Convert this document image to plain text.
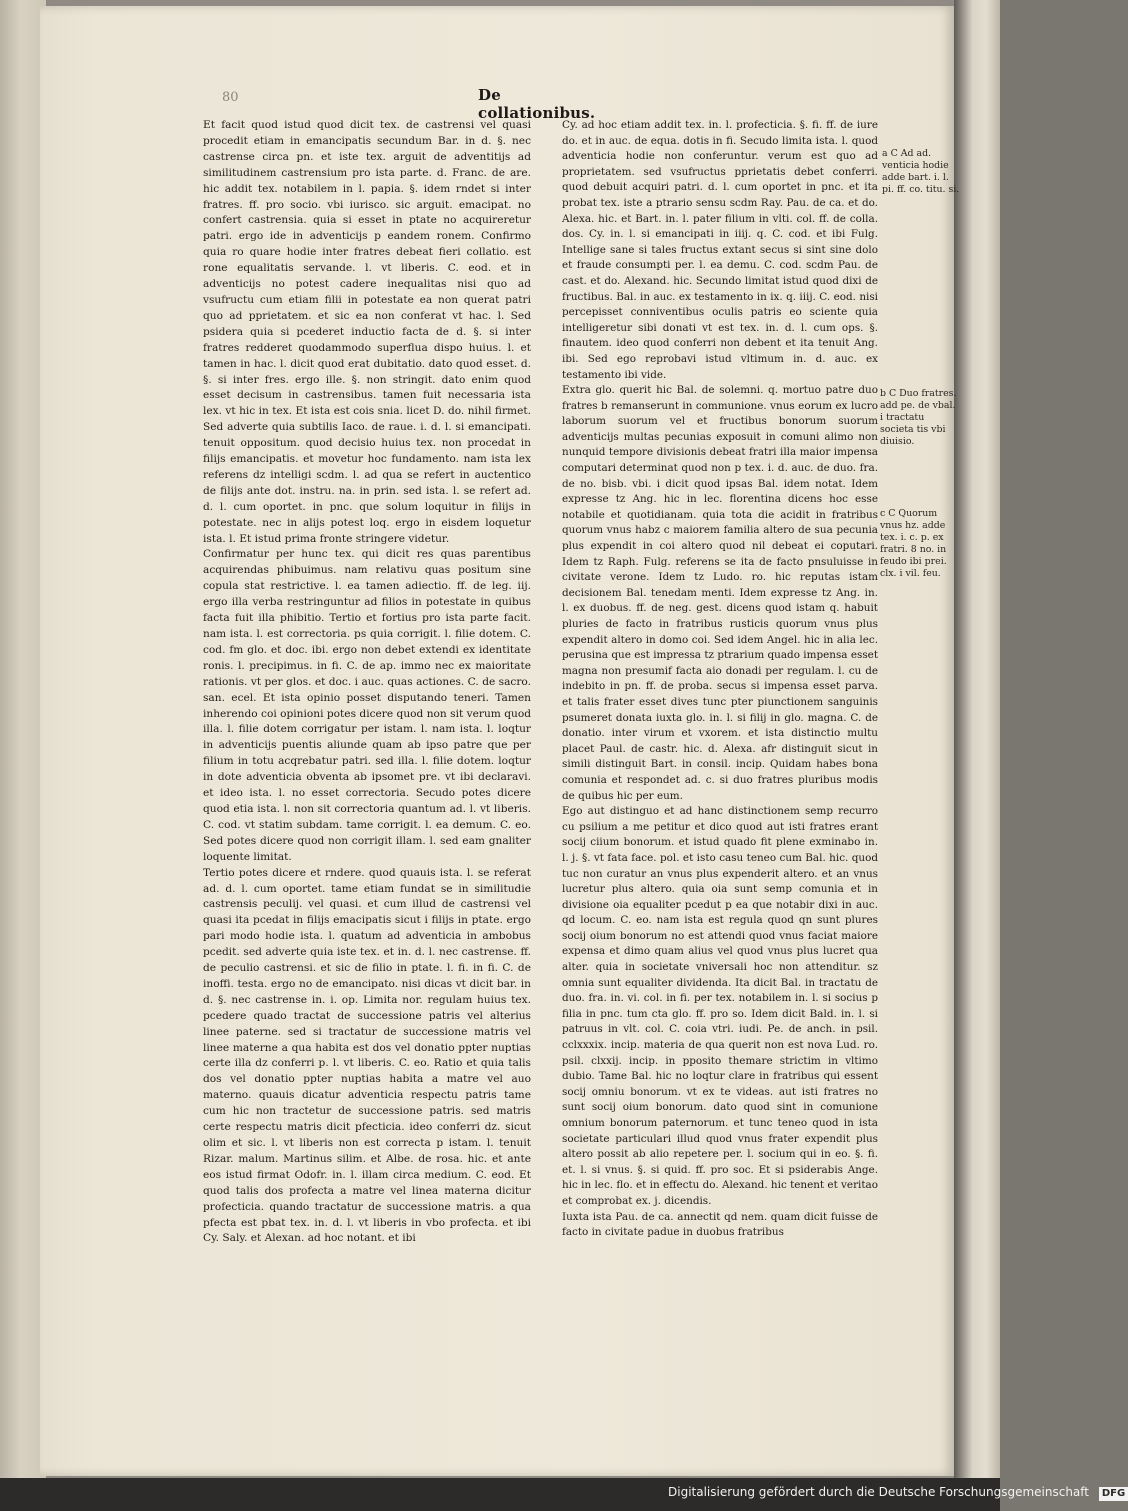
80	De collationibus.

Et facit quod istud quod dicit tex. de castrensi vel quasi procedit etiam in emancipatis secundum Bar. in d. §. nec castrense circa pn. et iste tex. arguit de adventitijs ad similitudinem castrensium pro ista parte. d. Franc. de are. hic addit tex. notabilem in l. papia. §. idem rndet si inter fratres. ff. pro socio. vbi iurisco. sic arguit. emacipat. no confert castrensia. quia si esset in ptate no acquireretur patri. ergo ide in adventicijs p eandem ronem. Confirmo quia ro quare hodie inter fratres debeat fieri collatio. est rone equalitatis servande. l. vt liberis. C. eod. et in adventicijs no potest cadere inequalitas nisi quo ad vsufructu cum etiam filii in potestate ea non querat patri quo ad pprietatem. et sic ea non conferat vt hac. l. Sed psidera quia si pcederet inductio facta de d. §. si inter fratres redderet quodammodo superflua dispo huius. l. et tamen in hac. l. dicit quod erat dubitatio. dato quod esset. d. §. si inter fres. ergo ille. §. non stringit. dato enim quod esset decisum in castrensibus. tamen fuit necessaria ista lex. vt hic in tex. Et ista est cois snia. licet D. do. nihil firmet. Sed adverte quia subtilis Iaco. de raue. i. d. l. si emancipati. tenuit oppositum. quod decisio huius tex. non procedat in filijs emancipatis. et movetur hoc fundamento. nam ista lex referens dz intelligi scdm. l. ad qua se refert in auctentico de filijs ante dot. instru. na. in prin. sed ista. l. se refert ad. d. l. cum oportet. in pnc. que solum loquitur in filijs in potestate. nec in alijs potest loq. ergo in eisdem loquetur ista. l. Et istud prima fronte stringere videtur.

Confirmatur per hunc tex. qui dicit res quas parentibus acquirendas phibuimus. nam relativu quas positum sine copula stat restrictive. l. ea tamen adiectio. ff. de leg. iij. ergo illa verba restringuntur ad filios in potestate in quibus facta fuit illa phibitio. Tertio et fortius pro ista parte facit. nam ista. l. est correctoria. ps quia corrigit. l. filie dotem. C. cod. fm glo. et doc. ibi. ergo non debet extendi ex identitate ronis. l. precipimus. in fi. C. de ap. immo nec ex maioritate rationis. vt per glos. et doc. i auc. quas actiones. C. de sacro. san. ecel. Et ista opinio posset disputando teneri. Tamen inherendo coi opinioni potes dicere quod non sit verum quod illa. l. filie dotem corrigatur per istam. l. nam ista. l. loqtur in adventicijs puentis aliunde quam ab ipso patre que per filium in totu acqrebatur patri. sed illa. l. filie dotem. loqtur in dote adventicia obventa ab ipsomet pre. vt ibi declaravi. et ideo ista. l. no esset correctoria. Secudo potes dicere quod etia ista. l. non sit correctoria quantum ad. l. vt liberis. C. cod. vt statim subdam. tame corrigit. l. ea demum. C. eo. Sed potes dicere quod non corrigit illam. l. sed eam gnaliter loquente limitat.

Tertio potes dicere et rndere. quod quauis ista. l. se referat ad. d. l. cum oportet. tame etiam fundat se in similitudie castrensis peculij. vel quasi. et cum illud de castrensi vel quasi ita pcedat in filijs emacipatis sicut i filijs in ptate. ergo pari modo hodie ista. l. quatum ad adventicia in ambobus pcedit. sed adverte quia iste tex. et in. d. l. nec castrense. ff. de peculio castrensi. et sic de filio in ptate. l. fi. in fi. C. de inoffi. testa. ergo no de emancipato. nisi dicas vt dicit bar. in d. §. nec castrense in. i. op. Limita nor. regulam huius tex. pcedere quado tractat de successione patris vel alterius linee paterne. sed si tractatur de successione matris vel linee materne a qua habita est dos vel donatio ppter nuptias certe illa dz conferri p. l. vt liberis. C. eo. Ratio et quia talis dos vel donatio ppter nuptias habita a matre vel auo materno. quauis dicatur adventicia respectu patris tame cum hic non tractetur de successione patris. sed matris certe respectu matris dicit pfecticia. ideo conferri dz. sicut olim et sic. l. vt liberis non est correcta p istam. l. tenuit Rizar. malum. Martinus silim. et Albe. de rosa. hic. et ante eos istud firmat Odofr. in. l. illam circa medium. C. eod. Et quod talis dos profecta a matre vel linea materna dicitur profecticia. quando tractatur de successione matris. a qua pfecta est pbat tex. in. d. l. vt liberis in vbo profecta. et ibi Cy. Saly. et Alexan. ad hoc notant. et ibi

Cy. ad hoc etiam addit tex. in. l. profecticia. §. fi. ff. de iure do. et in auc. de equa. dotis in fi. Secudo limita ista. l. quod adventicia hodie non conferuntur. verum est quo ad proprietatem. sed vsufructus pprietatis debet conferri. quod debuit acquiri patri. d. l. cum oportet in pnc. et ita probat tex. iste a ptrario sensu scdm Ray. Pau. de ca. et do. Alexa. hic. et Bart. in. l. pater filium in vlti. col. ff. de colla. dos. Cy. in. l. si emancipati in iiij. q. C. cod. et ibi Fulg. Intellige sane si tales fructus extant secus si sint sine dolo et fraude consumpti per. l. ea demu. C. cod. scdm Pau. de cast. et do. Alexand. hic. Secundo limitat istud quod dixi de fructibus. Bal. in auc. ex testamento in ix. q. iiij. C. eod. nisi percepisset conniventibus oculis patris eo sciente quia intelligeretur sibi donati vt est tex. in. d. l. cum ops. §. finautem. ideo quod conferri non debent et ita tenuit Ang. ibi. Sed ego reprobavi istud vltimum in. d. auc. ex testamento ibi vide.

Extra glo. querit hic Bal. de solemni. q. mortuo patre duo fratres b remanserunt in communione. vnus eorum ex lucro laborum suorum vel et fructibus bonorum suorum adventicijs multas pecunias exposuit in comuni alimo non nunquid tempore divisionis debeat fratri illa maior impensa computari determinat quod non p tex. i. d. auc. de duo. fra. de no. bisb. vbi. i dicit quod ipsas Bal. idem notat. Idem expresse tz Ang. hic in lec. florentina dicens hoc esse notabile et quotidianam. quia tota die acidit in fratribus quorum vnus habz c maiorem familia altero de sua pecunia plus expendit in coi altero quod nil debeat ei coputari. Idem tz Raph. Fulg. referens se ita de facto pnsuluisse in civitate verone. Idem tz Ludo. ro. hic reputas istam decisionem Bal. tenedam menti. Idem expresse tz Ang. in. l. ex duobus. ff. de neg. gest. dicens quod istam q. habuit pluries de facto in fratribus rusticis quorum vnus plus expendit altero in domo coi. Sed idem Angel. hic in alia lec. perusina que est impressa tz ptrarium quado impensa esset magna non presumif facta aio donadi per regulam. l. cu de indebito in pn. ff. de proba. secus si impensa esset parva. et talis frater esset dives tunc pter piunctionem sanguinis psumeret donata iuxta glo. in. l. si filij in glo. magna. C. de donatio. inter virum et vxorem. et ista distinctio multu placet Paul. de castr. hic. d. Alexa. afr distinguit sicut in simili distinguit Bart. in consil. incip. Quidam habes bona comunia et respondet ad. c. si duo fratres pluribus modis de quibus hic per eum.

Ego aut distinguo et ad hanc distinctionem semp recurro cu psilium a me petitur et dico quod aut isti fratres erant socij ciium bonorum. et istud quado fit plene exminabo in. l. j. §. vt fata face. pol. et isto casu teneo cum Bal. hic. quod tuc non curatur an vnus plus expenderit altero. et an vnus lucretur plus altero. quia oia sunt semp comunia et in divisione oia equaliter pcedut p ea que notabir dixi in auc. qd locum. C. eo. nam ista est regula quod qn sunt plures socij oium bonorum no est attendi quod vnus faciat maiore expensa et dimo quam alius vel quod vnus plus lucret qua alter. quia in societate vniversali hoc non attenditur. sz omnia sunt equaliter dividenda. Ita dicit Bal. in tractatu de duo. fra. in. vi. col. in fi. per tex. notabilem in. l. si socius p filia in pnc. tum cta glo. ff. pro so. Idem dicit Bald. in. l. si patruus in vlt. col. C. coia vtri. iudi. Pe. de anch. in psil. cclxxxix. incip. materia de qua querit non est nova Lud. ro. psil. clxxij. incip. in pposito themare strictim in vltimo dubio. Tame Bal. hic no loqtur clare in fratribus qui essent socij omniu bonorum. vt ex te videas. aut isti fratres no sunt socij oium bonorum. dato quod sint in comunione omnium bonorum paternorum. et tunc teneo quod in ista societate particulari illud quod vnus frater expendit plus altero possit ab alio repetere per. l. socium qui in eo. §. fi. et. l. si vnus. §. si quid. ff. pro soc. Et si psiderabis Ange. hic in lec. flo. et in effectu do. Alexand. hic tenent et veritao et comprobat ex. j. dicendis.

Iuxta ista Pau. de ca. annectit qd nem. quam dicit fuisse de facto in civitate padue in duobus fratribus

a C Ad ad. venticia hodie adde bart. i. l. pi. ff. co. titu. si.
b C Duo fratres. add pe. de vbal. i tractatu societa tis vbi diuisio.
c C Quorum vnus hz. adde tex. i. c. p. ex fratri. 8 no. in feudo ibi prei. clx. i vil. feu.
Digitalisierung gefördert durch die Deutsche Forschungsgemeinschaft DFG
